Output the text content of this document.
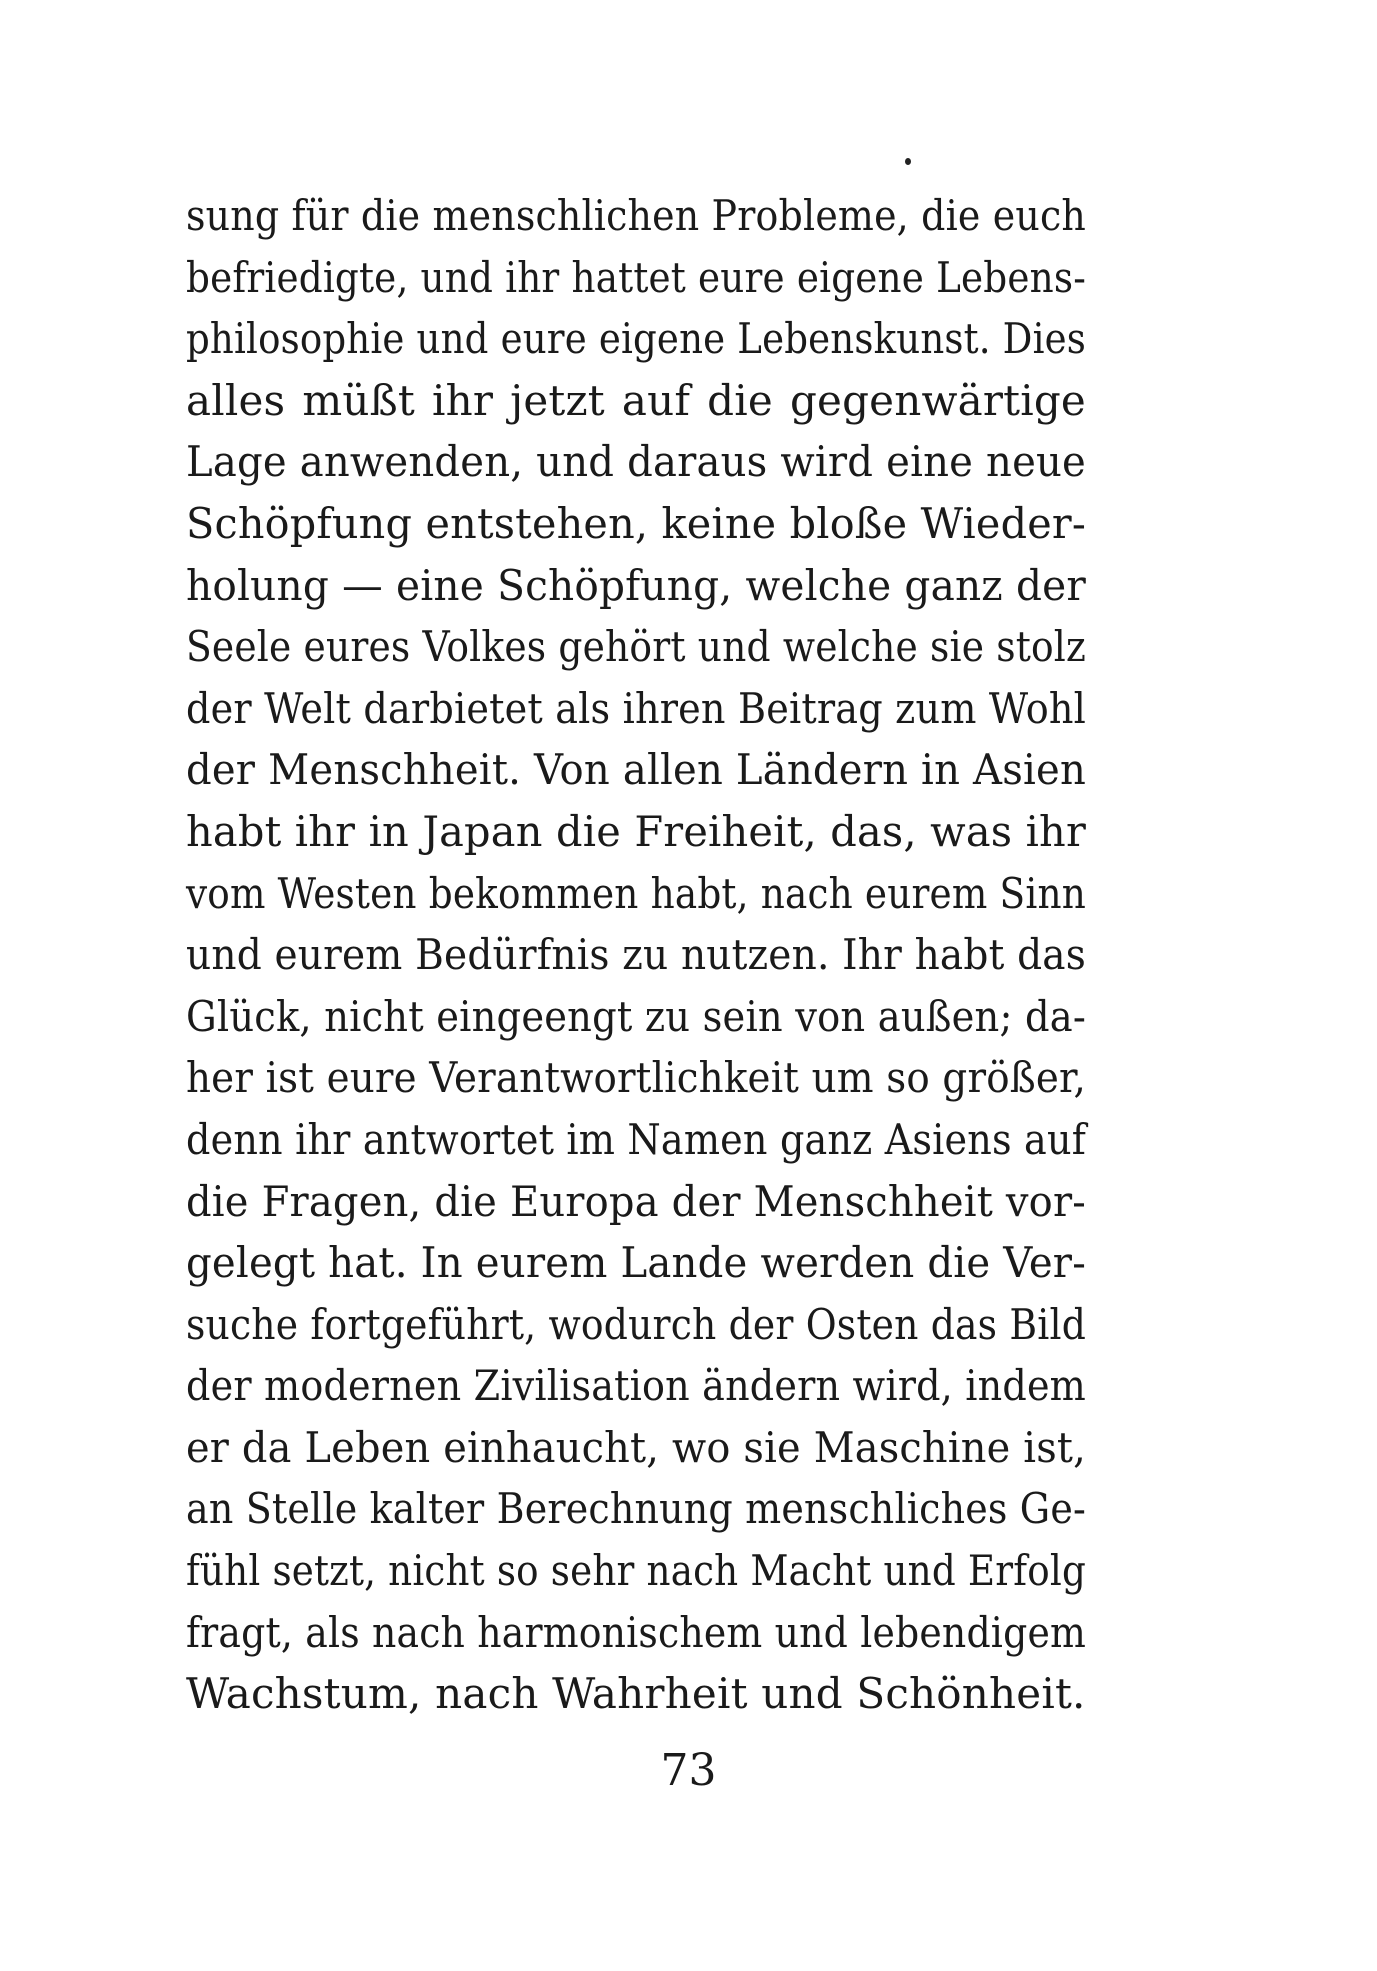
sung für die menschlichen Probleme, die euch
befriedigte, und ihr hattet eure eigene Lebens-
philosophie und eure eigene Lebenskunst. Dies
alles müßt ihr jetzt auf die gegenwärtige
Lage anwenden, und daraus wird eine neue
Schöpfung entstehen, keine bloße Wieder-
holung — eine Schöpfung, welche ganz der
Seele eures Volkes gehört und welche sie stolz
der Welt darbietet als ihren Beitrag zum Wohl
der Menschheit. Von allen Ländern in Asien
habt ihr in Japan die Freiheit, das, was ihr
vom Westen bekommen habt, nach eurem Sinn
und eurem Bedürfnis zu nutzen. Ihr habt das
Glück, nicht eingeengt zu sein von außen; da-
her ist eure Verantwortlichkeit um so größer,
denn ihr antwortet im Namen ganz Asiens auf
die Fragen, die Europa der Menschheit vor-
gelegt hat. In eurem Lande werden die Ver-
suche fortgeführt, wodurch der Osten das Bild
der modernen Zivilisation ändern wird, indem
er da Leben einhaucht, wo sie Maschine ist,
an Stelle kalter Berechnung menschliches Ge-
fühl setzt, nicht so sehr nach Macht und Erfolg
fragt, als nach harmonischem und lebendigem
Wachstum, nach Wahrheit und Schönheit.
73
